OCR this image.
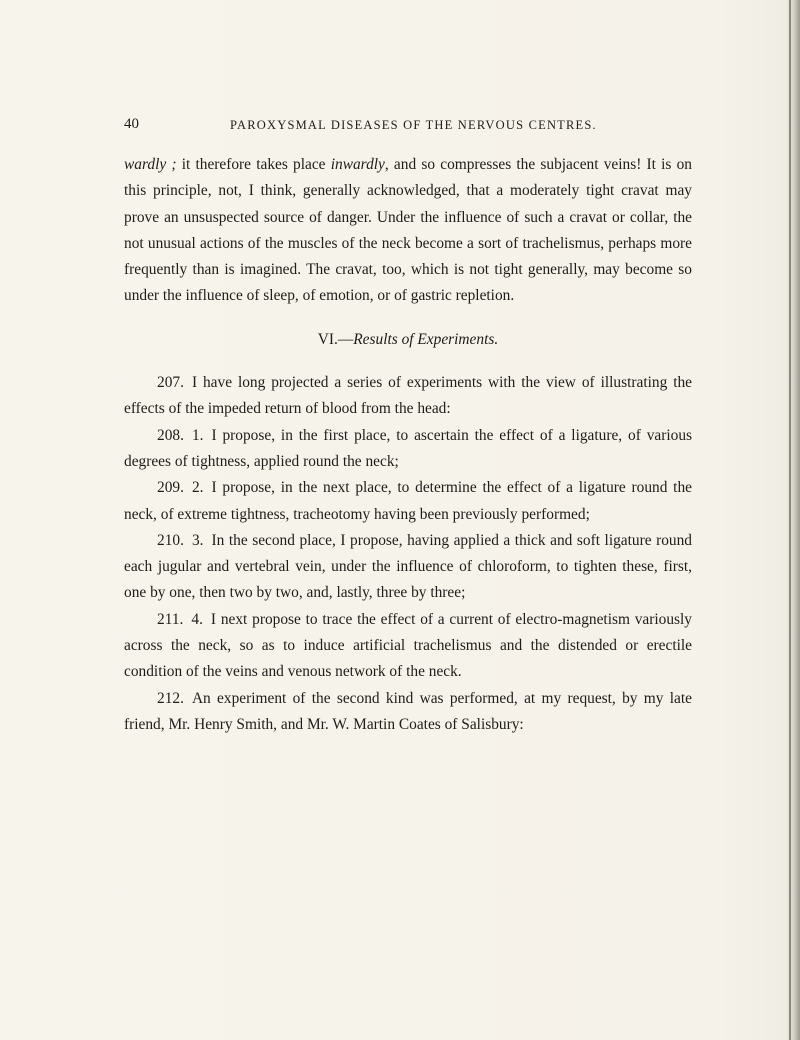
40	PAROXYSMAL DISEASES OF THE NERVOUS CENTRES.

wardly ; it therefore takes place inwardly, and so compresses the subjacent veins! It is on this principle, not, I think, generally acknowledged, that a moderately tight cravat may prove an unsuspected source of danger. Under the influence of such a cravat or collar, the not unusual actions of the muscles of the neck become a sort of trachelismus, perhaps more frequently than is imagined. The cravat, too, which is not tight generally, may become so under the influence of sleep, of emotion, or of gastric repletion.

VI.—Results of Experiments.

207. I have long projected a series of experiments with the view of illustrating the effects of the impeded return of blood from the head:

208. 1. I propose, in the first place, to ascertain the effect of a ligature, of various degrees of tightness, applied round the neck;

209. 2. I propose, in the next place, to determine the effect of a ligature round the neck, of extreme tightness, tracheotomy having been previously performed;

210. 3. In the second place, I propose, having applied a thick and soft ligature round each jugular and vertebral vein, under the influence of chloroform, to tighten these, first, one by one, then two by two, and, lastly, three by three;

211. 4. I next propose to trace the effect of a current of electro-magnetism variously across the neck, so as to induce artificial trachelismus and the distended or erectile condition of the veins and venous network of the neck.

212. An experiment of the second kind was performed, at my request, by my late friend, Mr. Henry Smith, and Mr. W. Martin Coates of Salisbury:
